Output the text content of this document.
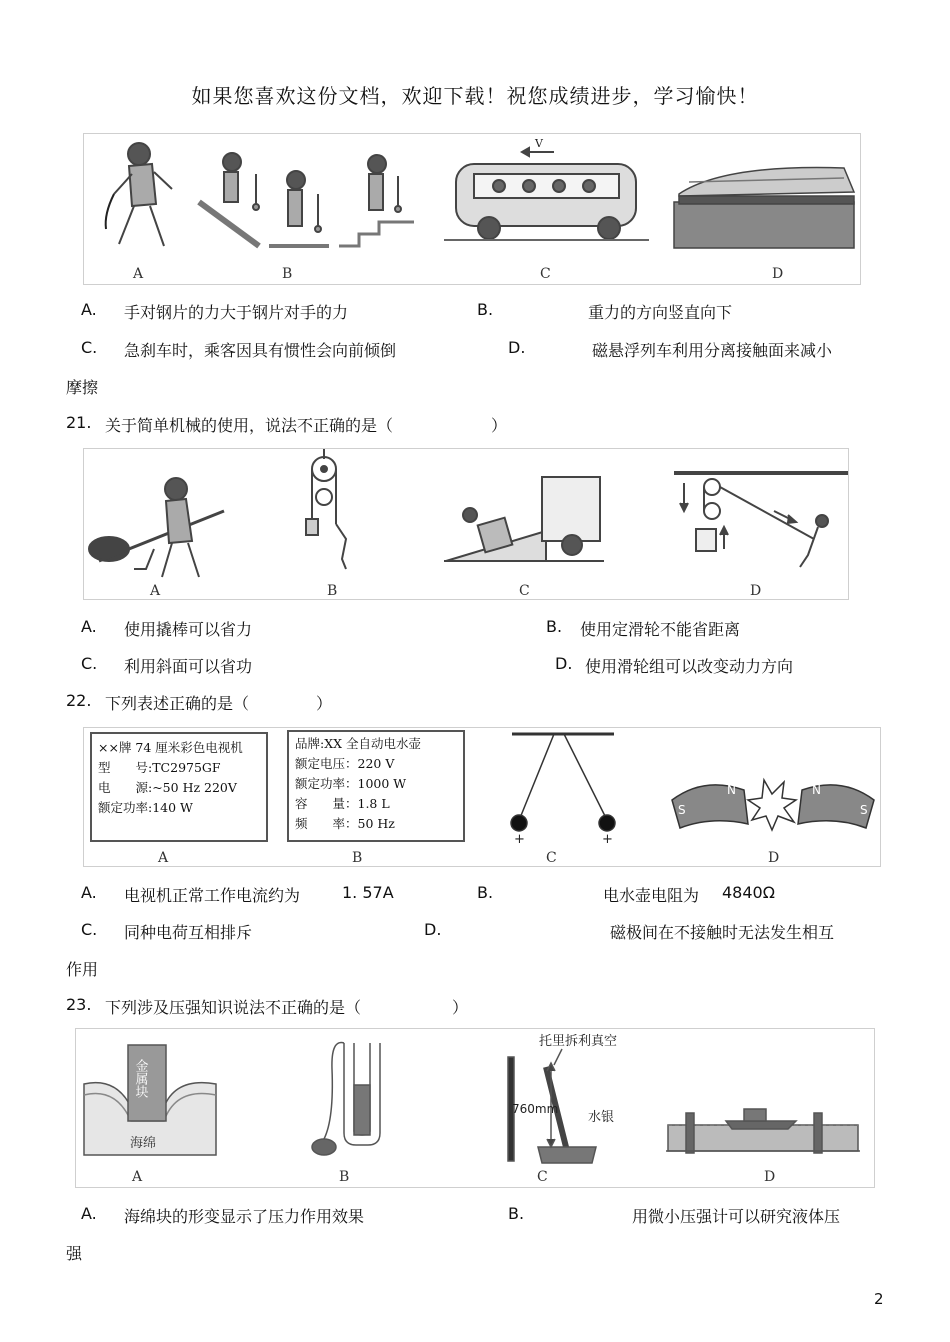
如果您喜欢这份文档，欢迎下载！祝您成绩进步，学习愉快！
V
A	B	C	D
A. 手对钢片的力大于钢片对手的力	B.	重力的方向竖直向下
C. 急刹车时，乘客因具有惯性会向前倾倒	D.	磁悬浮列车利用分离接触面来减小
摩擦
21. 关于简单机械的使用，说法不正确的是（	）
A	B	C	D
A. 使用撬棒可以省力	B. 使用定滑轮不能省距离
C. 利用斜面可以省功	D. 使用滑轮组可以改变动力方向
22. 下列表述正确的是（	）
××牌 74 厘米彩色电视机
型　　号:TC2975GF
电　　源:~50 Hz 220V
额定功率:140 W
品牌:XX 全自动电水壶
额定电压：220 V
额定功率：1000 W
容　　量：1.8 L
频　　率：50 Hz
+	+
S
N	N
S
A	B	C	D
A. 电视机正常工作电流约为	1. 57A	B.	电水壶电阻为 4840Ω
C. 同种电荷互相排斥	D.	磁极间在不接触时无法发生相互
作用
23. 下列涉及压强知识说法不正确的是（	）
金属块
海绵
托里拆利真空
760mm
水银
A	B	C	D
A. 海绵块的形变显示了压力作用效果	B.	用微小压强计可以研究液体压
强
2
